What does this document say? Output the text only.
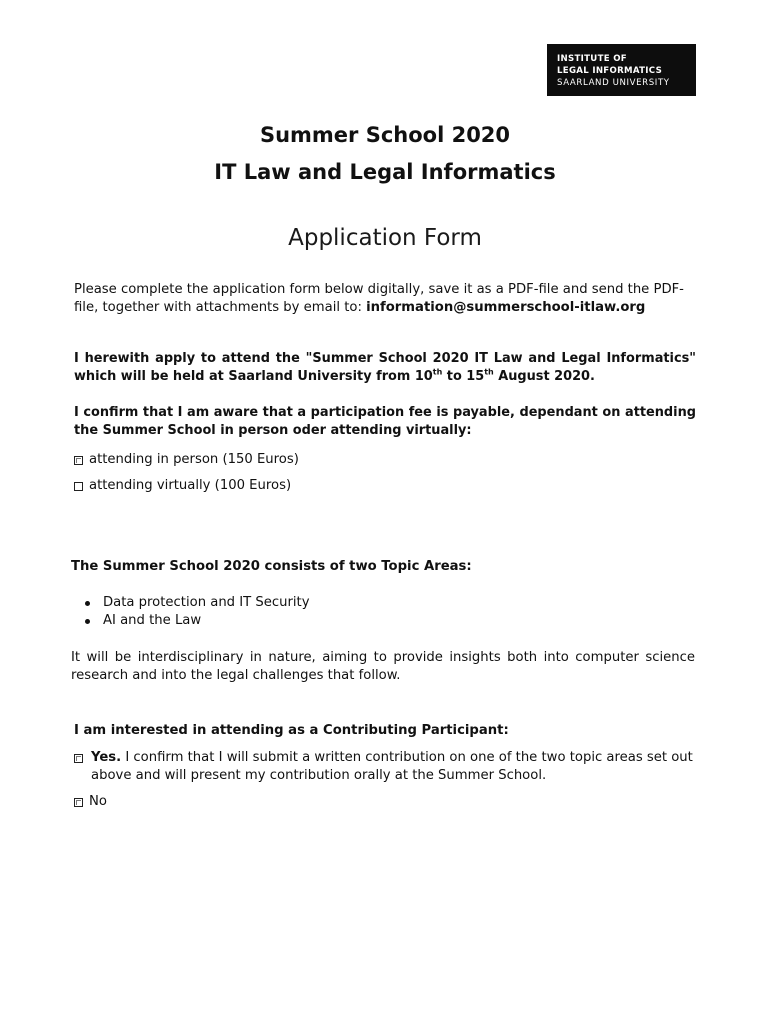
INSTITUTE OF
LEGAL INFORMATICS
SAARLAND UNIVERSITY
Summer School 2020
IT Law and Legal Informatics
Application Form
Please complete the application form below digitally, save it as a PDF-file and send the PDF-file, together with attachments by email to: information@summerschool-itlaw.org
I herewith apply to attend the "Summer School 2020 IT Law and Legal Informatics" which will be held at Saarland University from 10th to 15th August 2020.
I confirm that I am aware that a participation fee is payable, dependant on attending the Summer School in person oder attending virtually:
attending in person (150 Euros)
attending virtually (100 Euros)
The Summer School 2020 consists of two Topic Areas:
Data protection and IT Security
AI and the Law
It will be interdisciplinary in nature, aiming to provide insights both into computer science research and into the legal challenges that follow.
I am interested in attending as a Contributing Participant:
Yes. I confirm that I will submit a written contribution on one of the two topic areas set out above and will present my contribution orally at the Summer School.
No
